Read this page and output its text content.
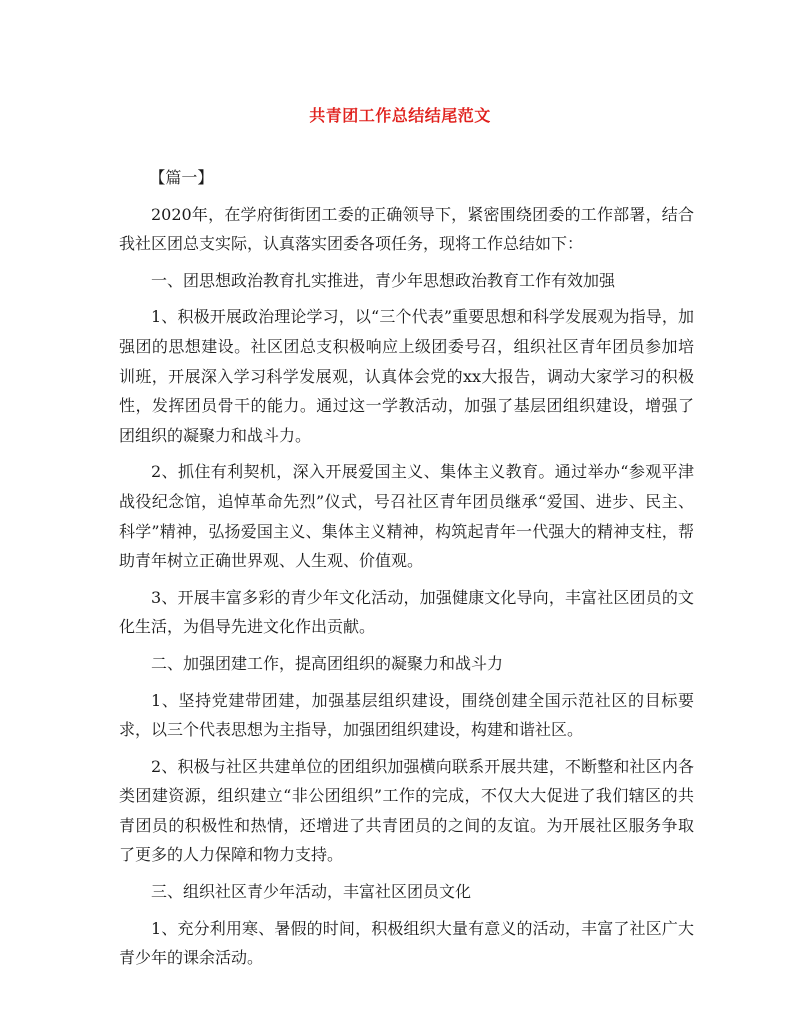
共青团工作总结结尾范文

【篇一】

2020年，在学府街街团工委的正确领导下，紧密围绕团委的工作部署，结合我社区团总支实际，认真落实团委各项任务，现将工作总结如下：

一、团思想政治教育扎实推进，青少年思想政治教育工作有效加强

1、积极开展政治理论学习，以“三个代表”重要思想和科学发展观为指导，加强团的思想建设。社区团总支积极响应上级团委号召，组织社区青年团员参加培训班，开展深入学习科学发展观，认真体会党的xx大报告，调动大家学习的积极性，发挥团员骨干的能力。通过这一学教活动，加强了基层团组织建设，增强了团组织的凝聚力和战斗力。

2、抓住有利契机，深入开展爱国主义、集体主义教育。通过举办“参观平津战役纪念馆，追悼革命先烈”仪式，号召社区青年团员继承“爱国、进步、民主、科学”精神，弘扬爱国主义、集体主义精神，构筑起青年一代强大的精神支柱，帮助青年树立正确世界观、人生观、价值观。

3、开展丰富多彩的青少年文化活动，加强健康文化导向，丰富社区团员的文化生活，为倡导先进文化作出贡献。

二、加强团建工作，提高团组织的凝聚力和战斗力

1、坚持党建带团建，加强基层组织建设，围绕创建全国示范社区的目标要求，以三个代表思想为主指导，加强团组织建设，构建和谐社区。

2、积极与社区共建单位的团组织加强横向联系开展共建，不断整和社区内各类团建资源，组织建立“非公团组织”工作的完成，不仅大大促进了我们辖区的共青团员的积极性和热情，还增进了共青团员的之间的友谊。为开展社区服务争取了更多的人力保障和物力支持。

三、组织社区青少年活动，丰富社区团员文化

1、充分利用寒、暑假的时间，积极组织大量有意义的活动，丰富了社区广大青少年的课余活动。
